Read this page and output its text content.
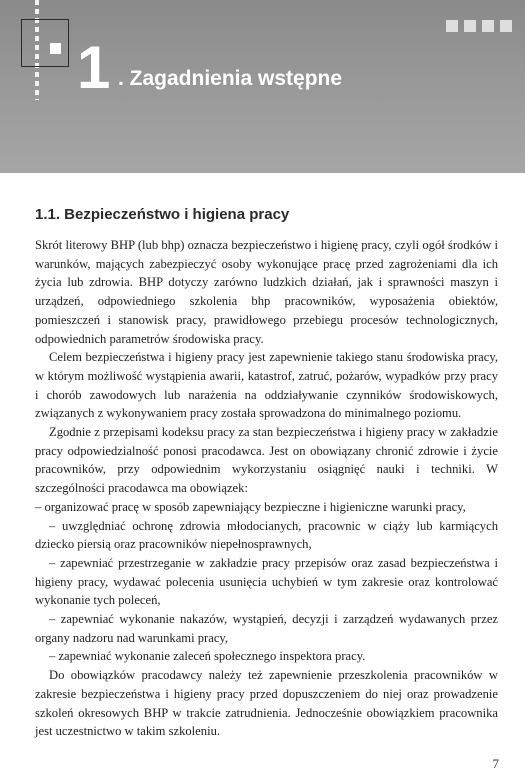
1 . Zagadnienia wstępne
1.1. Bezpieczeństwo i higiena pracy

Skrót literowy BHP (lub bhp) oznacza bezpieczeństwo i higienę pracy, czyli ogół środków i warunków, mających zabezpieczyć osoby wykonujące pracę przed zagrożeniami dla ich życia lub zdrowia. BHP dotyczy zarówno ludzkich działań, jak i sprawności maszyn i urządzeń, odpowiedniego szkolenia bhp pracowników, wyposażenia obiektów, pomieszczeń i stanowisk pracy, prawidłowego przebiegu procesów technologicznych, odpowiednich parametrów środowiska pracy.

Celem bezpieczeństwa i higieny pracy jest zapewnienie takiego stanu środowiska pracy, w którym możliwość wystąpienia awarii, katastrof, zatruć, pożarów, wypadków przy pracy i chorób zawodowych lub narażenia na oddziaływanie czynników środowiskowych, związanych z wykonywaniem pracy została sprowadzona do minimalnego poziomu.

Zgodnie z przepisami kodeksu pracy za stan bezpieczeństwa i higieny pracy w zakładzie pracy odpowiedzialność ponosi pracodawca. Jest on obowiązany chronić zdrowie i życie pracowników, przy odpowiednim wykorzystaniu osiągnięć nauki i techniki. W szczególności pracodawca ma obowiązek:

– organizować pracę w sposób zapewniający bezpieczne i higieniczne warunki pracy,

– uwzględniać ochronę zdrowia młodocianych, pracownic w ciąży lub karmiących dziecko piersią oraz pracowników niepełnosprawnych,

– zapewniać przestrzeganie w zakładzie pracy przepisów oraz zasad bezpieczeństwa i higieny pracy, wydawać polecenia usunięcia uchybień w tym zakresie oraz kontrolować wykonanie tych poleceń,

– zapewniać wykonanie nakazów, wystąpień, decyzji i zarządzeń wydawanych przez organy nadzoru nad warunkami pracy,

– zapewniać wykonanie zaleceń społecznego inspektora pracy.

Do obowiązków pracodawcy należy też zapewnienie przeszkolenia pracowników w zakresie bezpieczeństwa i higieny pracy przed dopuszczeniem do niej oraz prowadzenie szkoleń okresowych BHP w trakcie zatrudnienia. Jednocześnie obowiązkiem pracownika jest uczestnictwo w takim szkoleniu.

7
